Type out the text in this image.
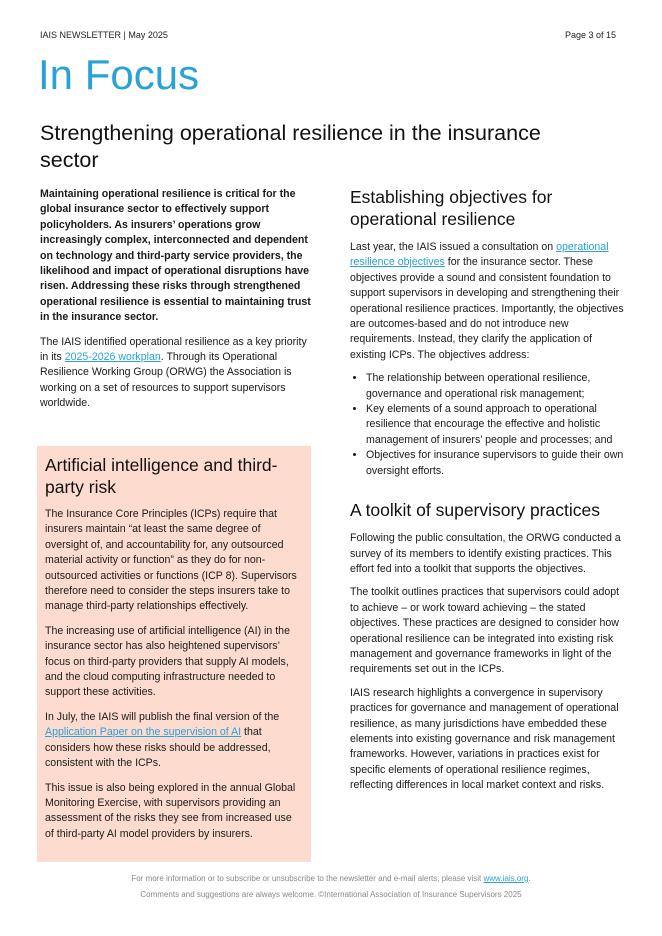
IAIS NEWSLETTER | May 2025	Page 3 of 15
In Focus
Strengthening operational resilience in the insurance sector

Maintaining operational resilience is critical for the global insurance sector to effectively support policyholders. As insurers’ operations grow increasingly complex, interconnected and dependent on technology and third-party service providers, the likelihood and impact of operational disruptions have risen. Addressing these risks through strengthened operational resilience is essential to maintaining trust in the insurance sector.

The IAIS identified operational resilience as a key priority in its 2025-2026 workplan. Through its Operational Resilience Working Group (ORWG) the Association is working on a set of resources to support supervisors worldwide.

Artificial intelligence and third-party risk

The Insurance Core Principles (ICPs) require that insurers maintain “at least the same degree of oversight of, and accountability for, any outsourced material activity or function” as they do for non-outsourced activities or functions (ICP 8). Supervisors therefore need to consider the steps insurers take to manage third-party relationships effectively.

The increasing use of artificial intelligence (AI) in the insurance sector has also heightened supervisors’ focus on third-party providers that supply AI models, and the cloud computing infrastructure needed to support these activities.

In July, the IAIS will publish the final version of the Application Paper on the supervision of AI that considers how these risks should be addressed, consistent with the ICPs.

This issue is also being explored in the annual Global Monitoring Exercise, with supervisors providing an assessment of the risks they see from increased use of third-party AI model providers by insurers.

Establishing objectives for operational resilience

Last year, the IAIS issued a consultation on operational resilience objectives for the insurance sector. These objectives provide a sound and consistent foundation to support supervisors in developing and strengthening their operational resilience practices. Importantly, the objectives are outcomes-based and do not introduce new requirements. Instead, they clarify the application of existing ICPs. The objectives address:

• The relationship between operational resilience, governance and operational risk management;
• Key elements of a sound approach to operational resilience that encourage the effective and holistic management of insurers’ people and processes; and
• Objectives for insurance supervisors to guide their own oversight efforts.
A toolkit of supervisory practices

Following the public consultation, the ORWG conducted a survey of its members to identify existing practices. This effort fed into a toolkit that supports the objectives.

The toolkit outlines practices that supervisors could adopt to achieve – or work toward achieving – the stated objectives. These practices are designed to consider how operational resilience can be integrated into existing risk management and governance frameworks in light of the requirements set out in the ICPs.

IAIS research highlights a convergence in supervisory practices for governance and management of operational resilience, as many jurisdictions have embedded these elements into existing governance and risk management frameworks. However, variations in practices exist for specific elements of operational resilience regimes, reflecting differences in local market context and risks.

For more information or to subscribe or unsubscribe to the newsletter and e-mail alerts, please visit www.iais.org.
Comments and suggestions are always welcome. ©International Association of Insurance Supervisors 2025
